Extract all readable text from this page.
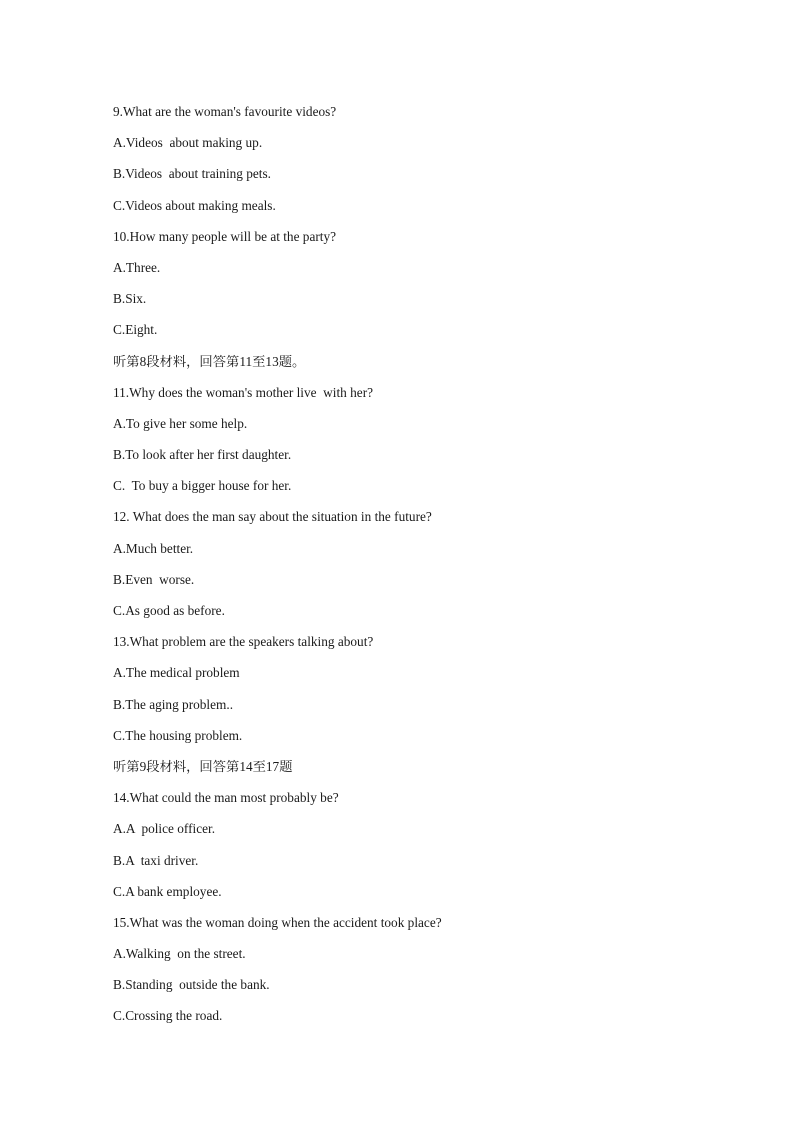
9.What are the woman's favourite videos?
A.Videos  about making up.
B.Videos  about training pets.
C.Videos about making meals.
10.How many people will be at the party?
A.Three.
B.Six.
C.Eight.
听第8段材料，回答第11至13题。
11.Why does the woman's mother live  with her?
A.To give her some help.
B.To look after her first daughter.
C.  To buy a bigger house for her.
12. What does the man say about the situation in the future?
A.Much better.
B.Even  worse.
C.As good as before.
13.What problem are the speakers talking about?
A.The medical problem
B.The aging problem..
C.The housing problem.
听第9段材料，回答第14至17题
14.What could the man most probably be?
A.A  police officer.
B.A  taxi driver.
C.A bank employee.
15.What was the woman doing when the accident took place?
A.Walking  on the street.
B.Standing  outside the bank.
C.Crossing the road.
